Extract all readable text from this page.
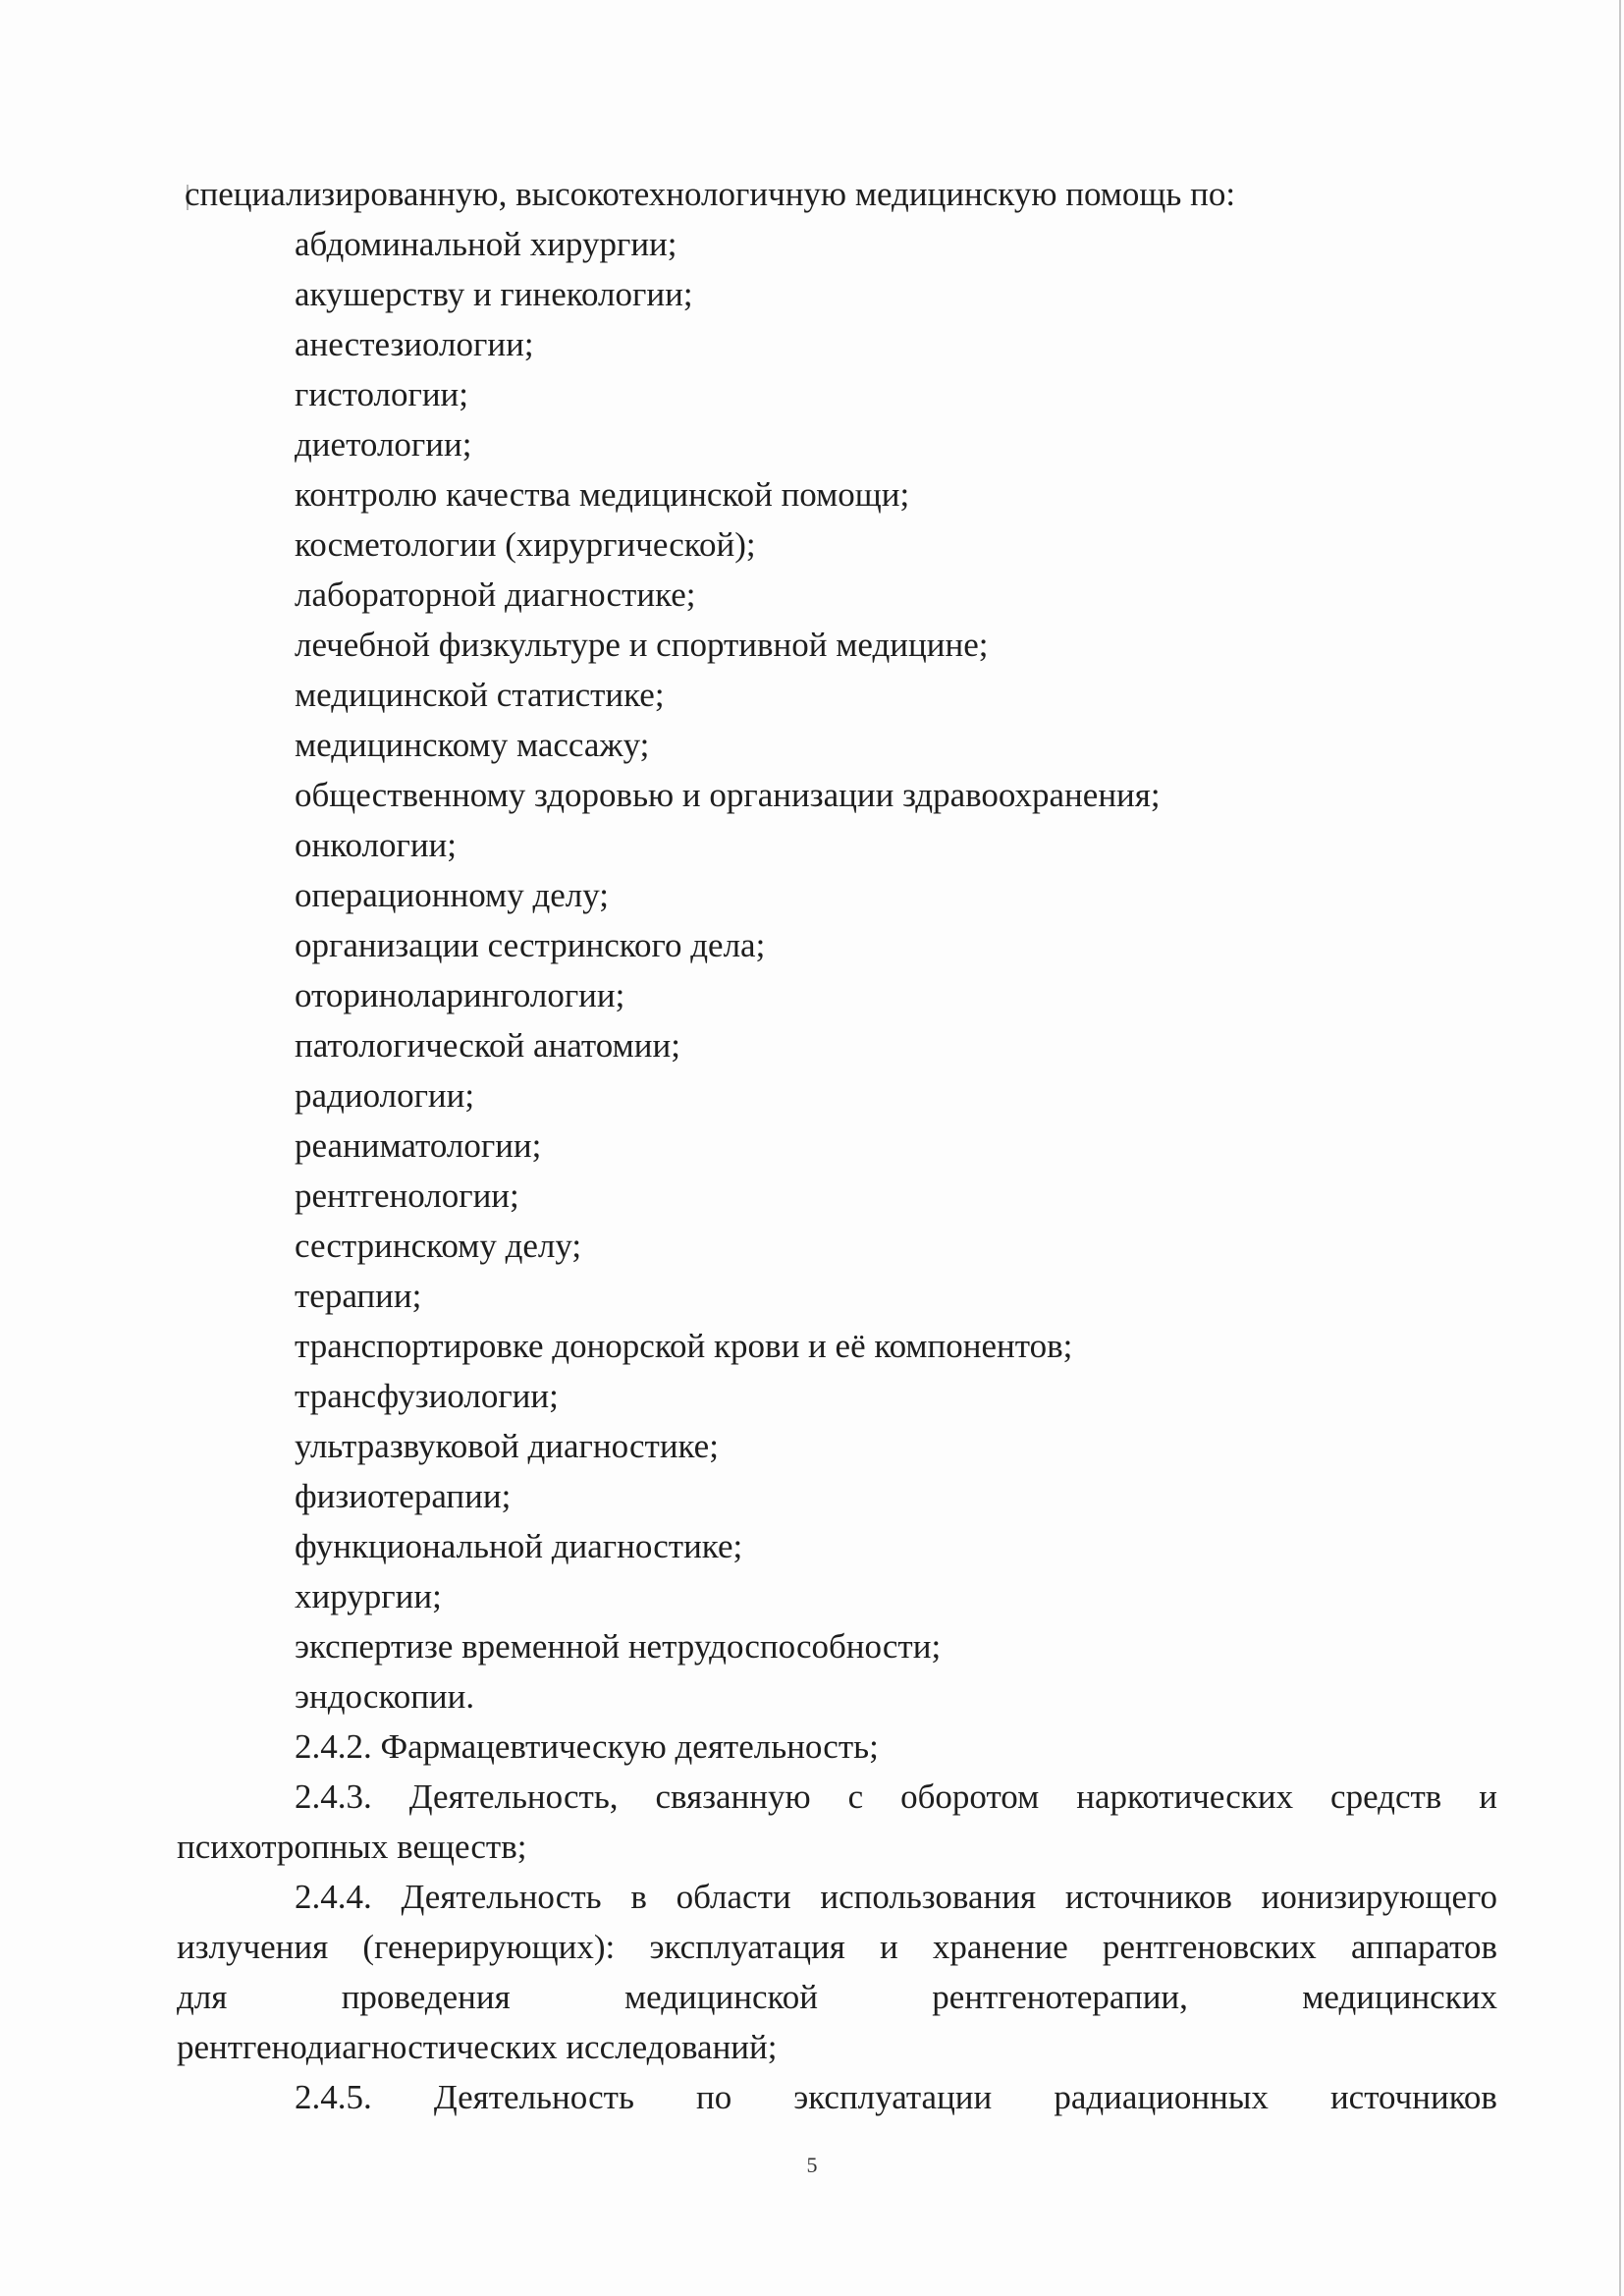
специализированную, высокотехнологичную медицинскую помощь по:
абдоминальной хирургии;
акушерству и гинекологии;
анестезиологии;
гистологии;
диетологии;
контролю качества медицинской помощи;
косметологии (хирургической);
лабораторной диагностике;
лечебной физкультуре и спортивной медицине;
медицинской статистике;
медицинскому массажу;
общественному здоровью и организации здравоохранения;
онкологии;
операционному делу;
организации сестринского дела;
оториноларингологии;
патологической анатомии;
радиологии;
реаниматологии;
рентгенологии;
сестринскому делу;
терапии;
транспортировке донорской крови и её компонентов;
трансфузиологии;
ультразвуковой диагностике;
физиотерапии;
функциональной диагностике;
хирургии;
экспертизе временной нетрудоспособности;
эндоскопии.
2.4.2. Фармацевтическую деятельность;
2.4.3. Деятельность, связанную с оборотом наркотических средств и
психотропных веществ;
2.4.4. Деятельность в области использования источников ионизирующего
излучения (генерирующих): эксплуатация и хранение рентгеновских аппаратов
для	проведения	медицинской	рентгенотерапии,	медицинских
рентгенодиагностических исследований;
2.4.5. Деятельность по эксплуатации радиационных источников
5
